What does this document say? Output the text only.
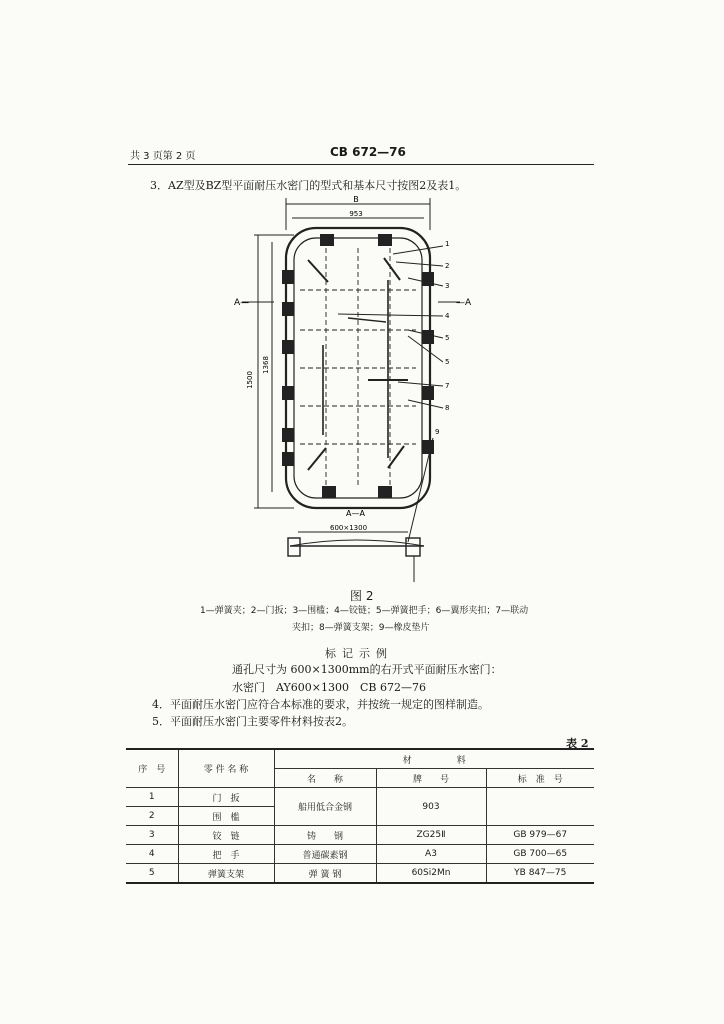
共 3 页第 2 页	CB 672—76
3．AZ型及BZ型平面耐压水密门的型式和基本尺寸按图2及表1。
B
953
1500
1368
A—	—A
A—A
600×1300
1
2
3
4
5
5
7
8
9
图 2
1—弹簧夹；2—门扳；3—围槛；4—铰链；5—弹簧把手；6—翼形夹扣；7—联动
夹扣；8—弹簧支架；9—橡皮垫片
标记示例
通孔尺寸为 600×1300mm的右开式平面耐压水密门：
水密门　AY600×1300　CB 672—76
4．平面耐压水密门应符合本标准的要求，并按统一规定的图样制造。
5．平面耐压水密门主要零件材料按表2。
表 2
序　号	零 件 名 称	材　　　　　料		
		名　　称	牌　　号	标　准　号
1	门　扳	船用低合金钢	903	
2	围　槛			
3	铰　链	铸　　钢	ZG25Ⅱ	GB 979—67
4	把　手	普通碳素钢	A3	GB 700—65
5	弹簧支架	弹 簧 钢	60Si2Mn	YB 847—75
